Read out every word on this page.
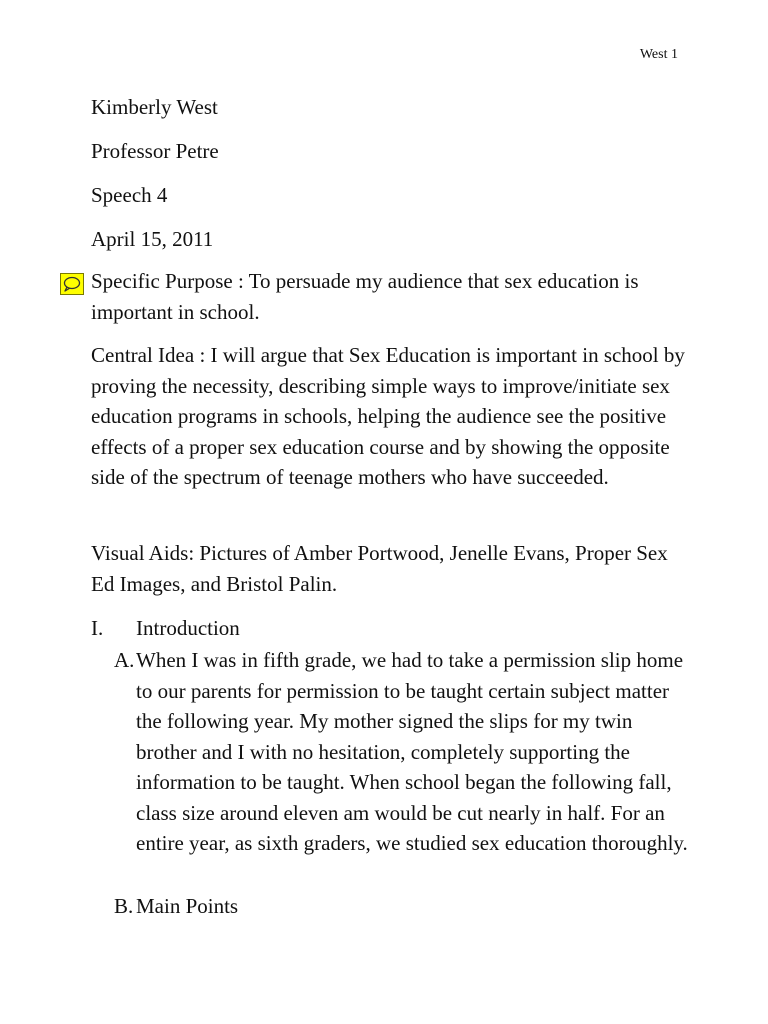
West 1
Kimberly West
Professor Petre
Speech 4
April 15, 2011
Specific Purpose : To persuade my audience that sex education is important in school.
Central Idea : I will argue that Sex Education is important in school by proving the necessity, describing simple ways to improve/initiate sex education programs in schools, helping the audience see the positive effects of a proper sex education course and by showing the opposite side of the spectrum of teenage mothers who have succeeded.
Visual Aids: Pictures of Amber Portwood, Jenelle Evans, Proper Sex Ed Images, and Bristol Palin.
I. Introduction
A. When I was in fifth grade, we had to take a permission slip home to our parents for permission to be taught certain subject matter the following year. My mother signed the slips for my twin brother and I with no hesitation, completely supporting the information to be taught. When school began the following fall, class size around eleven am would be cut nearly in half. For an entire year, as sixth graders, we studied sex education thoroughly.
B. Main Points
